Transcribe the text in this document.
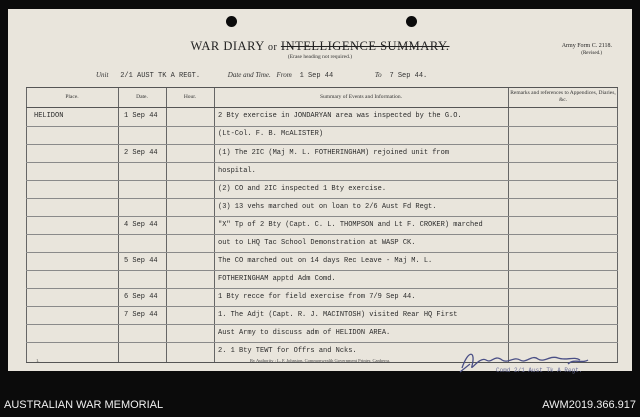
WAR DIARY or INTELLIGENCE SUMMARY.
(Erase heading not required.)
Army Form C. 2118.
(Revised.)
Unit 2/1 AUST TK A REGT.	Date and Time. From 1 Sep 44	To 7 Sep 44.
Place.	Date.	Hour.	Summary of Events and Information.
Remarks and references to Appendices, Diaries, &c.
HELIDON	1 Sep 44	2 Bty exercise in JONDARYAN area was inspected by the G.O.
(Lt-Col. F. B. McALISTER)
2 Sep 44	(1) The 2IC (Maj M. L. FOTHERINGHAM) rejoined unit from
hospital.
(2) CO and 2IC inspected 1 Bty exercise.
(3) 13 vehs marched out on loan to 2/6 Aust Fd Regt.
4 Sep 44	"X" Tp of 2 Bty (Capt. C. L. THOMPSON and Lt F. CROKER) marched
out to LHQ Tac School Demonstration at WASP CK.
5 Sep 44	The CO marched out on 14 days Rec Leave - Maj M. L.
FOTHERINGHAM apptd Adm Comd.
6 Sep 44	1 Bty recce for field exercise from 7/9 Sep 44.
7 Sep 44	1. The Adjt (Capt. R. J. MACINTOSH) visited Rear HQ First
Aust Army to discuss adm of HELIDON AREA.
2. 1 Bty TEWT for Offrs and Ncks.
1.	By Authority : L. F. Johnston, Commonwealth Government Printer, Canberra.
Comd 2/1 Aust Tk A Regt.
AUSTRALIAN WAR MEMORIAL	AWM2019.366.917
